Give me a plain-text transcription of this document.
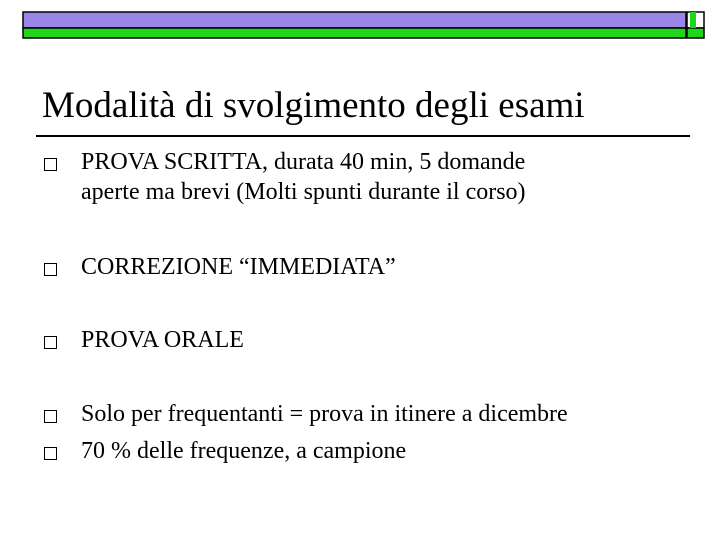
Modalità di svolgimento degli esami
PROVA SCRITTA, durata 40 min, 5 domande
aperte ma brevi (Molti spunti durante il corso)
CORREZIONE “IMMEDIATA”
PROVA ORALE
Solo per frequentanti = prova in itinere a dicembre
70 % delle frequenze, a campione
